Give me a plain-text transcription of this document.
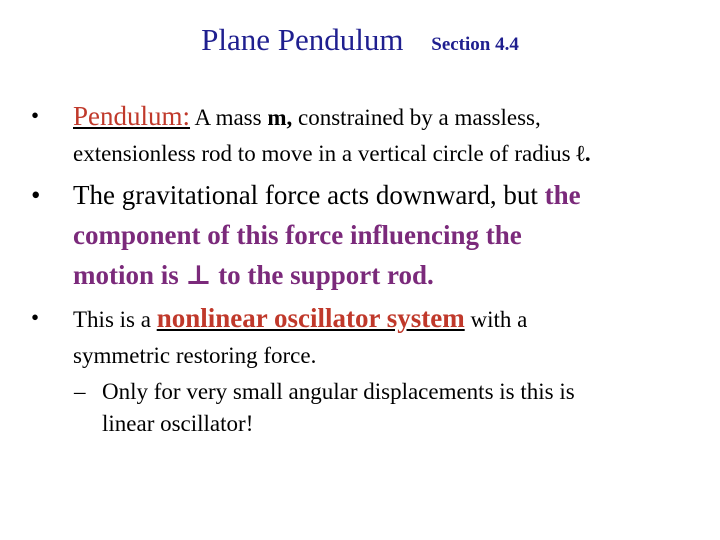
Plane Pendulum Section 4.4
• Pendulum: A mass m, constrained by a massless,
extensionless rod to move in a vertical circle of radius ℓ.
• The gravitational force acts downward, but the
component of this force influencing the
motion is ⊥ to the support rod.
• This is a nonlinear oscillator system with a
symmetric restoring force.
– Only for very small angular displacements is this is
linear oscillator!
